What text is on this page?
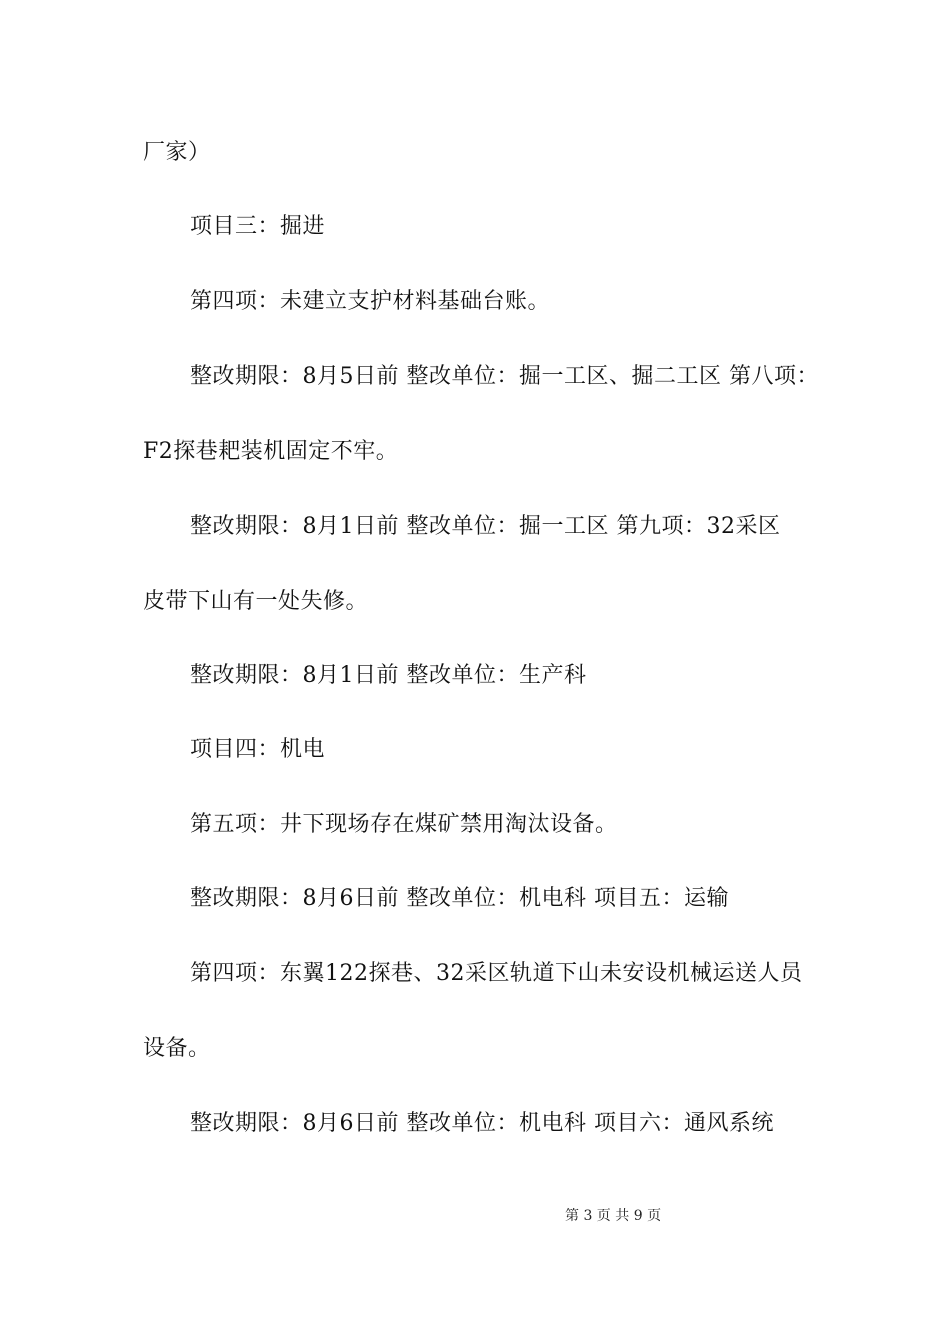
厂家）
项目三：掘进
第四项：未建立支护材料基础台账。
整改期限：8月5日前 整改单位：掘一工区、掘二工区 第八项：
F2探巷耙装机固定不牢。
整改期限：8月1日前 整改单位：掘一工区 第九项：32采区
皮带下山有一处失修。
整改期限：8月1日前 整改单位：生产科
项目四：机电
第五项：井下现场存在煤矿禁用淘汰设备。
整改期限：8月6日前 整改单位：机电科 项目五：运输
第四项：东翼122探巷、32采区轨道下山未安设机械运送人员
设备。
整改期限：8月6日前 整改单位：机电科 项目六：通风系统
第 3 页 共 9 页
